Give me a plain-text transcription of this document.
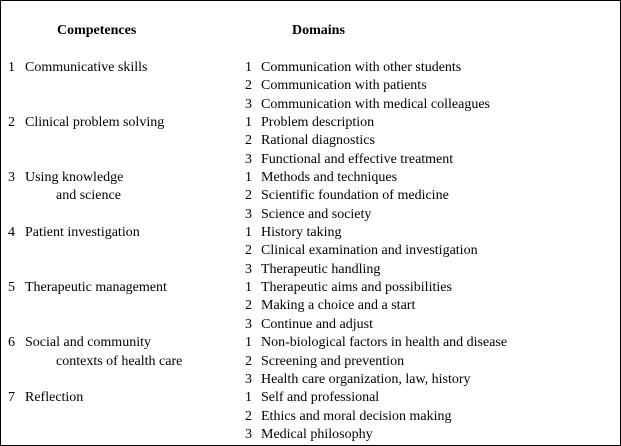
Competences	Domains
1 Communicative skills	1 Communication with other students
2 Communication with patients
3 Communication with medical colleagues
2 Clinical problem solving	1 Problem description
2 Rational diagnostics
3 Functional and effective treatment
3 Using knowledge	1 Methods and techniques
and science	2 Scientific foundation of medicine
3 Science and society
4 Patient investigation	1 History taking
2 Clinical examination and investigation
3 Therapeutic handling
5 Therapeutic management	1 Therapeutic aims and possibilities
2 Making a choice and a start
3 Continue and adjust
6 Social and community	1 Non-biological factors in health and disease
contexts of health care	2 Screening and prevention
3 Health care organization, law, history
7 Reflection	1 Self and professional
2 Ethics and moral decision making
3 Medical philosophy
